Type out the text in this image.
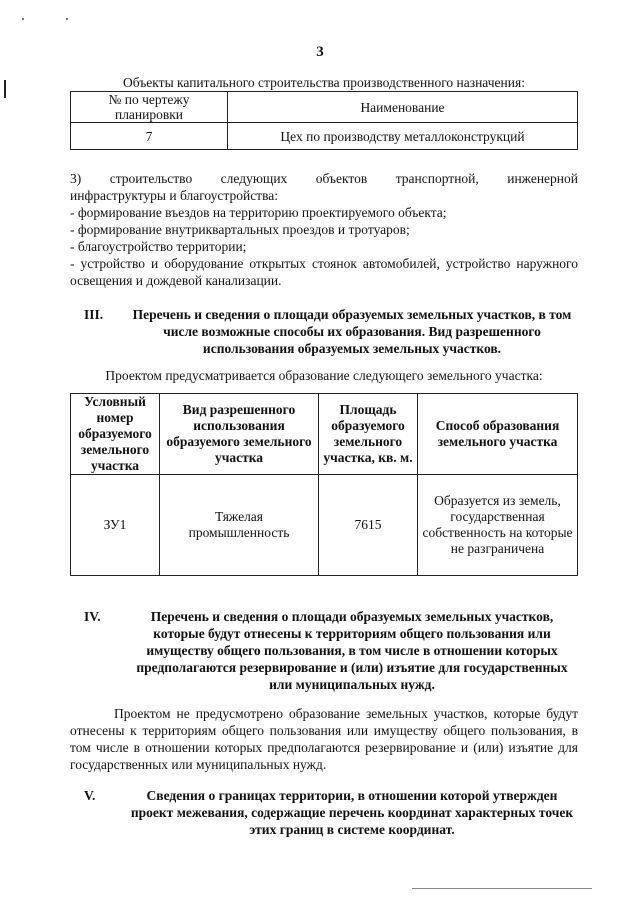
3
Объекты капитального строительства производственного назначения:
№ по чертежу планировки	Наименование
7	Цех по производству металлоконструкций
3) строительство следующих объектов транспортной, инженерной
инфраструктуры и благоустройства:

- формирование въездов на территорию проектируемого объекта;

- формирование внутриквартальных проездов и тротуаров;

- благоустройство территории;

- устройство и оборудование открытых стоянок автомобилей, устройство наружного освещения и дождевой канализации.

III.	Перечень и сведения о площади образуемых земельных участков, в том числе возможные способы их образования. Вид разрешенного использования образуемых земельных участков.
Проектом предусматривается образование следующего земельного участка:
Условный номер образуемого земельного участка	Вид разрешенного использования образуемого земельного участка	Площадь образуемого земельного участка, кв. м.	Способ образования земельного участка
ЗУ1	Тяжелая промышленность	7615	Образуется из земель, государственная собственность на которые не разграничена
IV.	Перечень и сведения о площади образуемых земельных участков, которые будут отнесены к территориям общего пользования или имуществу общего пользования, в том числе в отношении которых предполагаются резервирование и (или) изъятие для государственных или муниципальных нужд.
Проектом не предусмотрено образование земельных участков, которые будут отнесены к территориям общего пользования или имуществу общего пользования, в том числе в отношении которых предполагаются резервирование и (или) изъятие для государственных или муниципальных нужд.
V.	Сведения о границах территории, в отношении которой утвержден проект межевания, содержащие перечень координат характерных точек этих границ в системе координат.
